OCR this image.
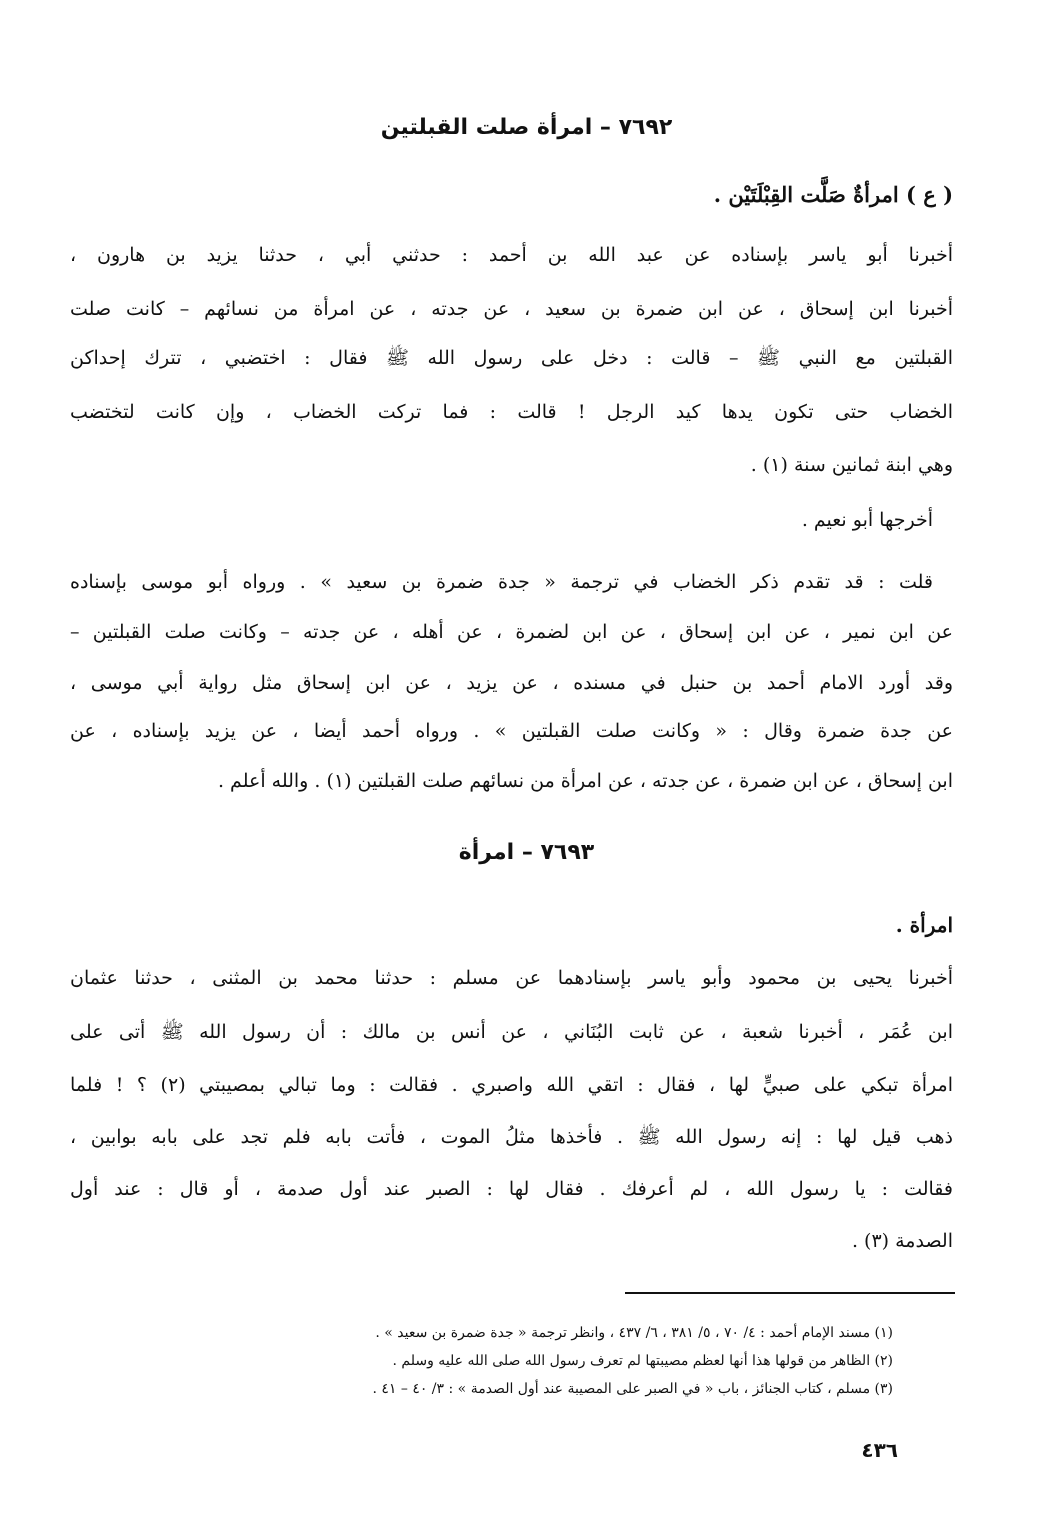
٧٦٩٢ – امرأة صلت القبلتين
( ع ) امرأةٌ صَلَّت القِبْلَتَيْن .
أخبرنا أبو ياسر بإسناده عن عبد الله بن أحمد : حدثني أبي ، حدثنا يزيد بن هارون ،
أخبرنا ابن إسحاق ، عن ابن ضمرة بن سعيد ، عن جدته ، عن امرأة من نسائهم – كانت صلت
القبلتين مع النبي ﷺ – قالت : دخل على رسول الله ﷺ فقال : اختضبي ، تترك إحداكن
الخضاب حتى تكون يدها كيد الرجل ! قالت : فما تركت الخضاب ، وإن كانت لتختضب
وهي ابنة ثمانين سنة (١) .
أخرجها أبو نعيم .
قلت : قد تقدم ذكر الخضاب في ترجمة « جدة ضمرة بن سعيد » . ورواه أبو موسى بإسناده
عن ابن نمير ، عن ابن إسحاق ، عن ابن لضمرة ، عن أهله ، عن جدته – وكانت صلت القبلتين –
وقد أورد الامام أحمد بن حنبل في مسنده ، عن يزيد ، عن ابن إسحاق مثل رواية أبي موسى ،
عن جدة ضمرة وقال : « وكانت صلت القبلتين » . ورواه أحمد أيضا ، عن يزيد بإسناده ، عن
ابن إسحاق ، عن ابن ضمرة ، عن جدته ، عن امرأة من نسائهم صلت القبلتين (١) . والله أعلم .
٧٦٩٣ – امرأة
امرأة .
أخبرنا يحيى بن محمود وأبو ياسر بإسنادهما عن مسلم : حدثنا محمد بن المثنى ، حدثنا عثمان
ابن عُمَر ، أخبرنا شعبة ، عن ثابت البُنَاني ، عن أنس بن مالك : أن رسول الله ﷺ أتى على
امرأة تبكي على صبيٍّ لها ، فقال : اتقي الله واصبري . فقالت : وما تبالي بمصيبتي (٢) ؟ ! فلما
ذهب قيل لها : إنه رسول الله ﷺ . فأخذها مثلُ الموت ، فأتت بابه فلم تجد على بابه بوابين ،
فقالت : يا رسول الله ، لم أعرفك . فقال لها : الصبر عند أول صدمة ، أو قال : عند أول
الصدمة (٣) .
(١) مسند الإمام أحمد : ٤/ ٧٠ ، ٥/ ٣٨١ ، ٦/ ٤٣٧ ، وانظر ترجمة « جدة ضمرة بن سعيد » .
(٢) الظاهر من قولها هذا أنها لعظم مصيبتها لم تعرف رسول الله صلى الله عليه وسلم .
(٣) مسلم ، كتاب الجنائز ، باب « في الصبر على المصيبة عند أول الصدمة » : ٣/ ٤٠ – ٤١ .
٤٣٦
